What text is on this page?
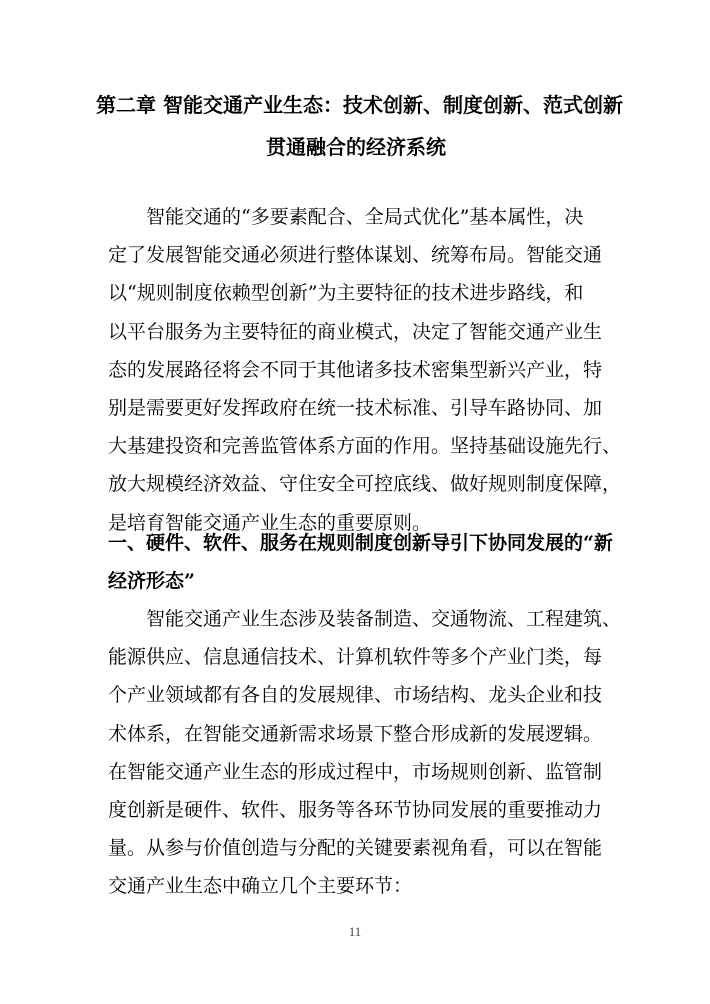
第二章 智能交通产业生态：技术创新、制度创新、范式创新
贯通融合的经济系统

智能交通的“多要素配合、全局式优化”基本属性，决
定了发展智能交通必须进行整体谋划、统筹布局。智能交通
以“规则制度依赖型创新”为主要特征的技术进步路线，和
以平台服务为主要特征的商业模式，决定了智能交通产业生
态的发展路径将会不同于其他诸多技术密集型新兴产业，特
别是需要更好发挥政府在统一技术标准、引导车路协同、加
大基建投资和完善监管体系方面的作用。坚持基础设施先行、
放大规模经济效益、守住安全可控底线、做好规则制度保障，
是培育智能交通产业生态的重要原则。

一、硬件、软件、服务在规则制度创新导引下协同发展的“新
经济形态”

智能交通产业生态涉及装备制造、交通物流、工程建筑、
能源供应、信息通信技术、计算机软件等多个产业门类，每
个产业领域都有各自的发展规律、市场结构、龙头企业和技
术体系，在智能交通新需求场景下整合形成新的发展逻辑。
在智能交通产业生态的形成过程中，市场规则创新、监管制
度创新是硬件、软件、服务等各环节协同发展的重要推动力
量。从参与价值创造与分配的关键要素视角看，可以在智能
交通产业生态中确立几个主要环节：

11
